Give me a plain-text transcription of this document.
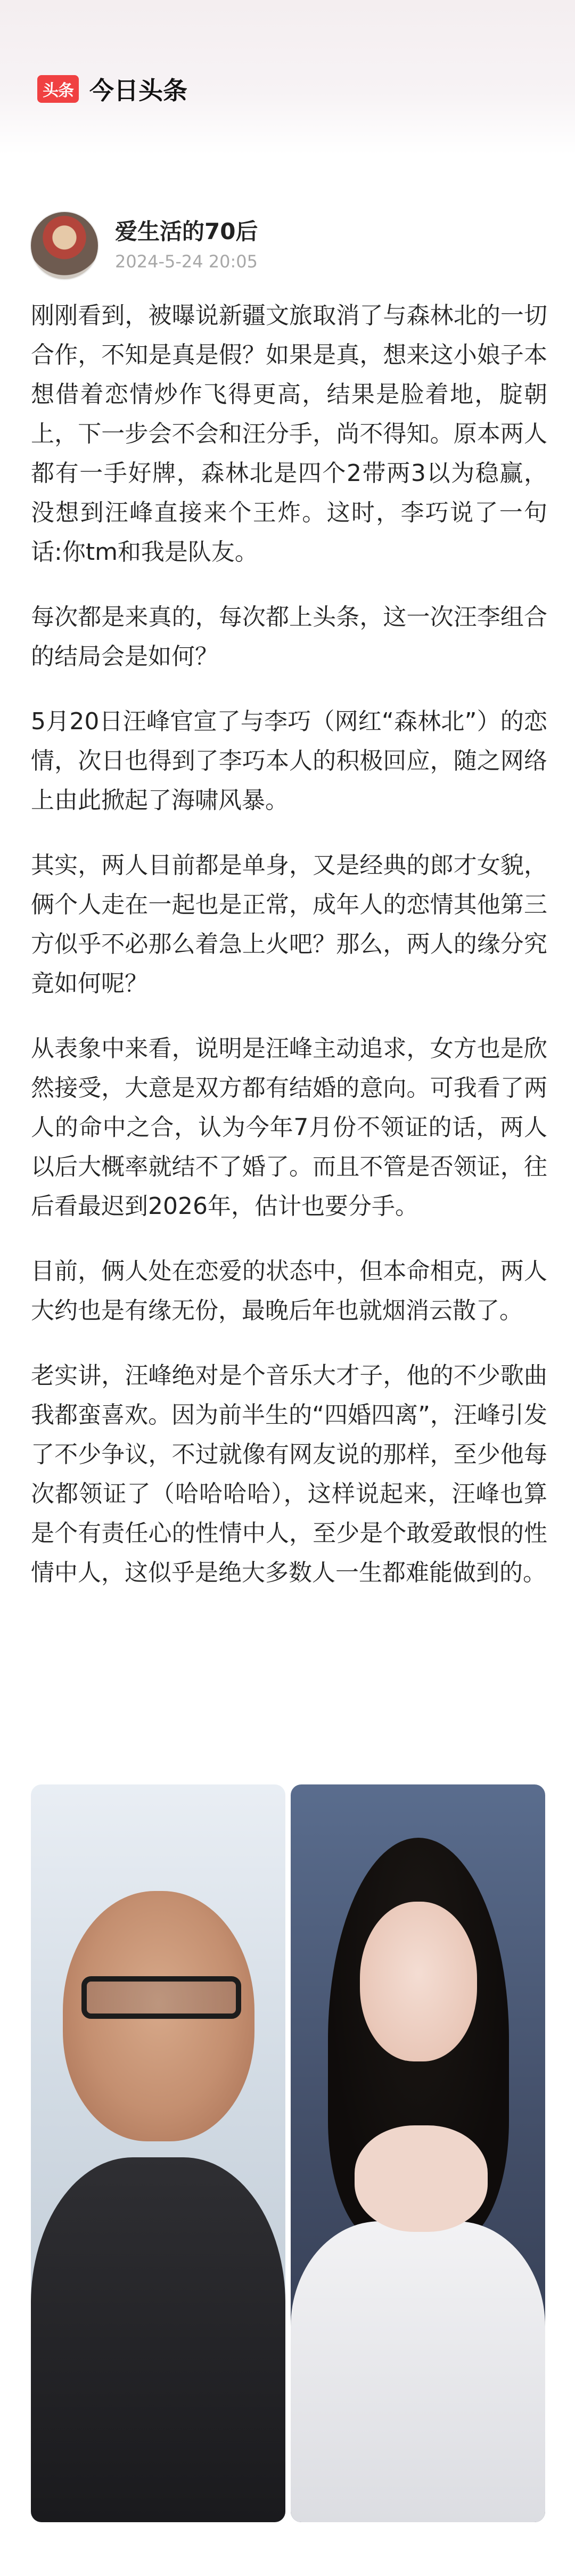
头条 今日头条
爱生活的70后
2024-5-24 20:05

刚刚看到，被曝说新疆文旅取消了与森林北的一切合作，不知是真是假？如果是真，想来这小娘子本想借着恋情炒作飞得更高，结果是脸着地，腚朝上，下一步会不会和汪分手，尚不得知。原本两人都有一手好牌，森林北是四个2带两3以为稳赢，没想到汪峰直接来个王炸。这时，李巧说了一句话:你tm和我是队友。

每次都是来真的，每次都上头条，这一次汪李组合的结局会是如何？

5月20日汪峰官宣了与李巧（网红“森林北”）的恋情，次日也得到了李巧本人的积极回应，随之网络上由此掀起了海啸风暴。

其实，两人目前都是单身，又是经典的郎才女貌，俩个人走在一起也是正常，成年人的恋情其他第三方似乎不必那么着急上火吧？那么，两人的缘分究竟如何呢？

从表象中来看，说明是汪峰主动追求，女方也是欣然接受，大意是双方都有结婚的意向。可我看了两人的命中之合，认为今年7月份不领证的话，两人以后大概率就结不了婚了。而且不管是否领证，往后看最迟到2026年，估计也要分手。

目前，俩人处在恋爱的状态中，但本命相克，两人大约也是有缘无份，最晚后年也就烟消云散了。

老实讲，汪峰绝对是个音乐大才子，他的不少歌曲我都蛮喜欢。因为前半生的“四婚四离”，汪峰引发了不少争议，不过就像有网友说的那样，至少他每次都领证了（哈哈哈哈），这样说起来，汪峰也算是个有责任心的性情中人，至少是个敢爱敢恨的性情中人，这似乎是绝大多数人一生都难能做到的。
